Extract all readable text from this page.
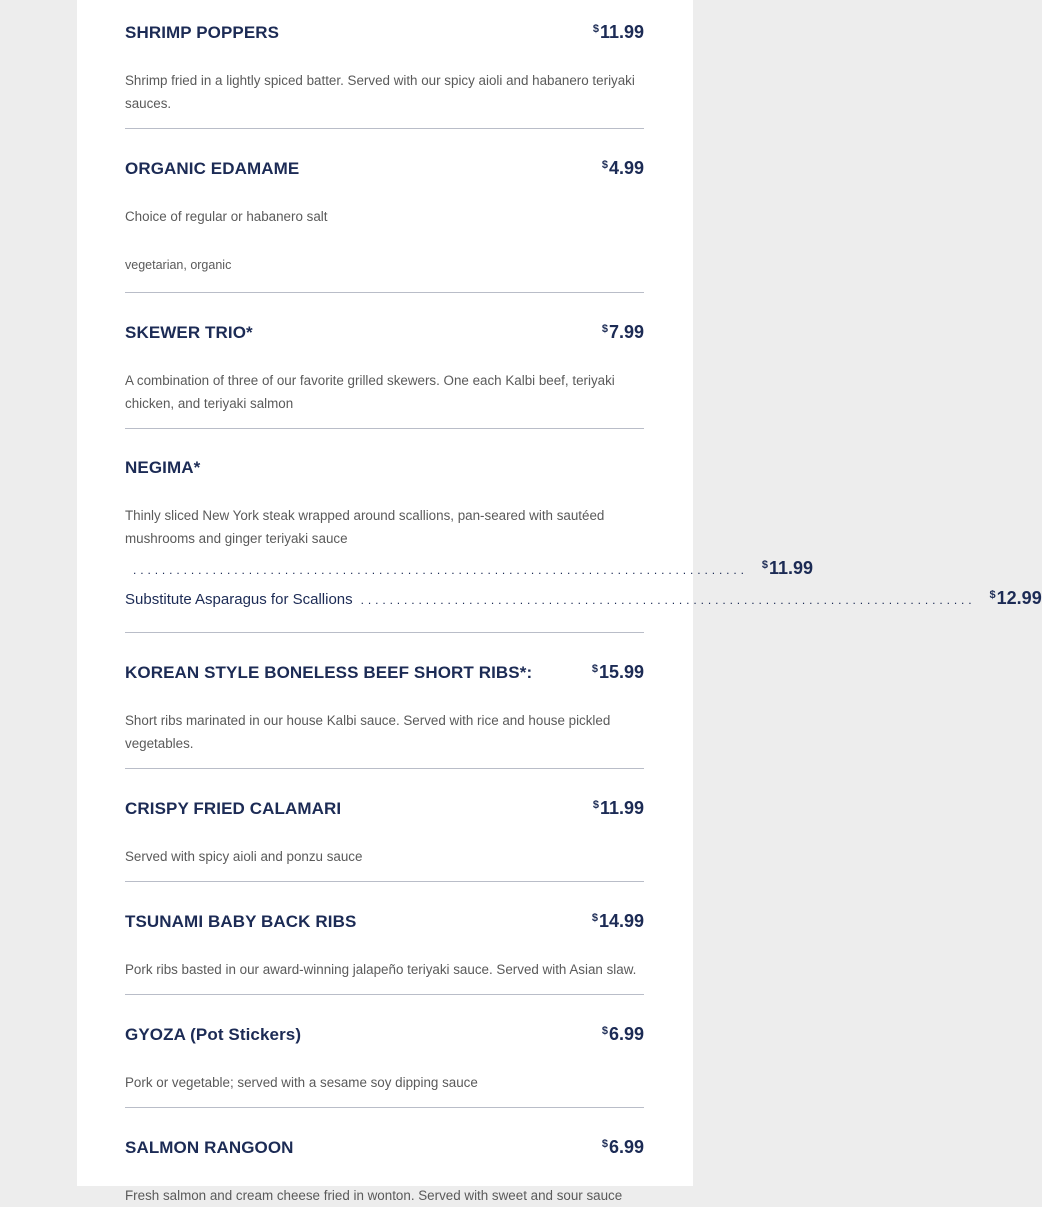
SHRIMP POPPERS	$11.99
Shrimp fried in a lightly spiced batter. Served with our spicy aioli and habanero teriyaki sauces.
ORGANIC EDAMAME	$4.99
Choice of regular or habanero salt
vegetarian, organic
SKEWER TRIO*	$7.99
A combination of three of our favorite grilled skewers. One each Kalbi beef, teriyaki chicken, and teriyaki salmon
NEGIMA*
Thinly sliced New York steak wrapped around scallions, pan-seared with sautéed mushrooms and ginger teriyaki sauce
..................................................................................... $11.99
Substitute Asparagus for Scallions ..................................................................................... $12.99
KOREAN STYLE BONELESS BEEF SHORT RIBS*:	$15.99
Short ribs marinated in our house Kalbi sauce. Served with rice and house pickled vegetables.
CRISPY FRIED CALAMARI	$11.99
Served with spicy aioli and ponzu sauce
TSUNAMI BABY BACK RIBS	$14.99
Pork ribs basted in our award-winning jalapeño teriyaki sauce. Served with Asian slaw.
GYOZA (Pot Stickers)	$6.99
Pork or vegetable; served with a sesame soy dipping sauce
SALMON RANGOON	$6.99
Fresh salmon and cream cheese fried in wonton. Served with sweet and sour sauce
